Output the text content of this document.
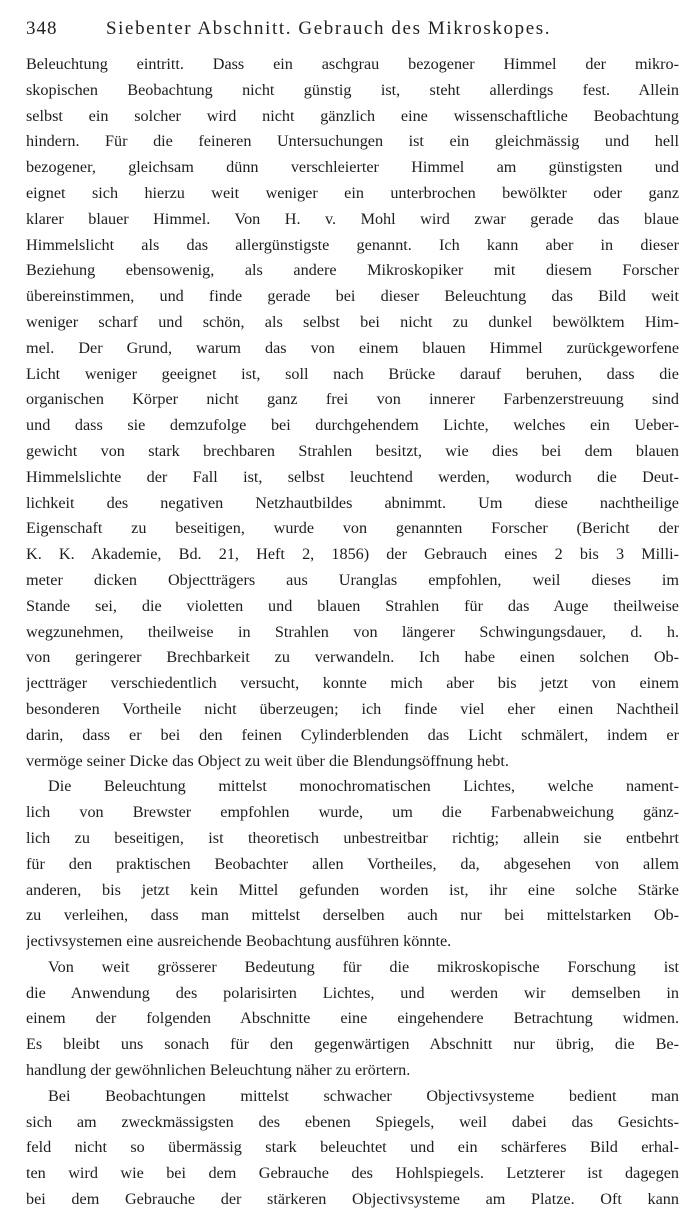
348	Siebenter Abschnitt. Gebrauch des Mikroskopes.
Beleuchtung eintritt. Dass ein aschgrau bezogener Himmel der mikro-
skopischen Beobachtung nicht günstig ist, steht allerdings fest. Allein
selbst ein solcher wird nicht gänzlich eine wissenschaftliche Beobachtung
hindern. Für die feineren Untersuchungen ist ein gleichmässig und hell
bezogener, gleichsam dünn verschleierter Himmel am günstigsten und
eignet sich hierzu weit weniger ein unterbrochen bewölkter oder ganz
klarer blauer Himmel. Von H. v. Mohl wird zwar gerade das blaue
Himmelslicht als das allergünstigste genannt. Ich kann aber in dieser
Beziehung ebensowenig, als andere Mikroskopiker mit diesem Forscher
übereinstimmen, und finde gerade bei dieser Beleuchtung das Bild weit
weniger scharf und schön, als selbst bei nicht zu dunkel bewölktem Him-
mel. Der Grund, warum das von einem blauen Himmel zurückgeworfene
Licht weniger geeignet ist, soll nach Brücke darauf beruhen, dass die
organischen Körper nicht ganz frei von innerer Farbenzerstreuung sind
und dass sie demzufolge bei durchgehendem Lichte, welches ein Ueber-
gewicht von stark brechbaren Strahlen besitzt, wie dies bei dem blauen
Himmelslichte der Fall ist, selbst leuchtend werden, wodurch die Deut-
lichkeit des negativen Netzhautbildes abnimmt. Um diese nachtheilige
Eigenschaft zu beseitigen, wurde von genannten Forscher (Bericht der
K. K. Akademie, Bd. 21, Heft 2, 1856) der Gebrauch eines 2 bis 3 Milli-
meter dicken Objectträgers aus Uranglas empfohlen, weil dieses im
Stande sei, die violetten und blauen Strahlen für das Auge theilweise
wegzunehmen, theilweise in Strahlen von längerer Schwingungsdauer, d. h.
von geringerer Brechbarkeit zu verwandeln. Ich habe einen solchen Ob-
jectträger verschiedentlich versucht, konnte mich aber bis jetzt von einem
besonderen Vortheile nicht überzeugen; ich finde viel eher einen Nachtheil
darin, dass er bei den feinen Cylinderblenden das Licht schmälert, indem er
vermöge seiner Dicke das Object zu weit über die Blendungsöffnung hebt.
Die Beleuchtung mittelst monochromatischen Lichtes, welche nament-
lich von Brewster empfohlen wurde, um die Farbenabweichung gänz-
lich zu beseitigen, ist theoretisch unbestreitbar richtig; allein sie entbehrt
für den praktischen Beobachter allen Vortheiles, da, abgesehen von allem
anderen, bis jetzt kein Mittel gefunden worden ist, ihr eine solche Stärke
zu verleihen, dass man mittelst derselben auch nur bei mittelstarken Ob-
jectivsystemen eine ausreichende Beobachtung ausführen könnte.
Von weit grösserer Bedeutung für die mikroskopische Forschung ist
die Anwendung des polarisirten Lichtes, und werden wir demselben in
einem der folgenden Abschnitte eine eingehendere Betrachtung widmen.
Es bleibt uns sonach für den gegenwärtigen Abschnitt nur übrig, die Be-
handlung der gewöhnlichen Beleuchtung näher zu erörtern.
Bei Beobachtungen mittelst schwacher Objectivsysteme bedient man
sich am zweckmässigsten des ebenen Spiegels, weil dabei das Gesichts-
feld nicht so übermässig stark beleuchtet und ein schärferes Bild erhal-
ten wird wie bei dem Gebrauche des Hohlspiegels. Letzterer ist dagegen
bei dem Gebrauche der stärkeren Objectivsysteme am Platze. Oft kann
